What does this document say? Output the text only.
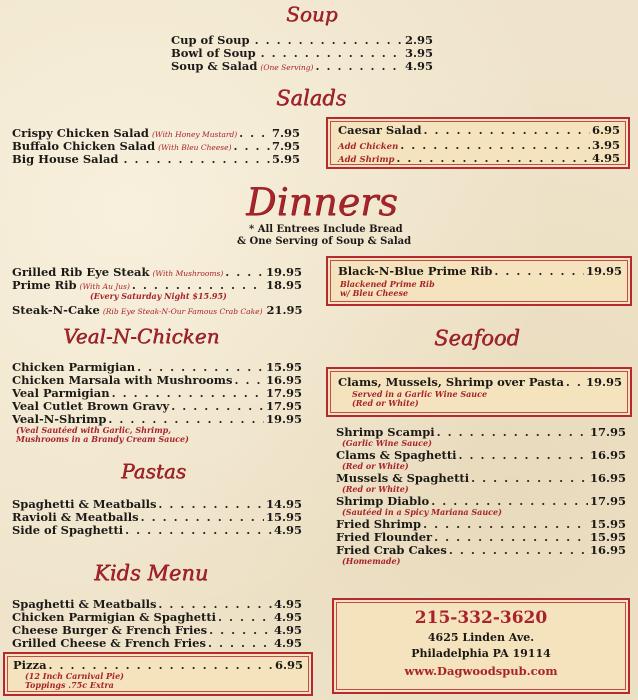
Soup
Cup of Soup . . .	2.95
Bowl of Soup . . .	3.95
Soup & Salad (One Serving) . . .	4.95
Salads
Crispy Chicken Salad (With Honey Mustard) . . .	7.95
Buffalo Chicken Salad (With Bleu Cheese) . . .	7.95
Big House Salad . . .	5.95
Caesar Salad . . .	6.95
Add Chicken . . .	3.95
Add Shrimp . . .	4.95
Dinners
* All Entrees Include Bread
& One Serving of Soup & Salad
Grilled Rib Eye Steak (With Mushrooms) . . .	19.95
Prime Rib (With Au Jus) . . .	18.95
(Every Saturday Night $15.95)
Steak-N-Cake (Rib Eye Steak-N-Our Famous Crab Cake) 21.95
Black-N-Blue Prime Rib . . .	19.95
Blackened Prime Rib
w/ Bleu Cheese
Veal-N-Chicken
Chicken Parmigian . . .	15.95
Chicken Marsala with Mushrooms . . .	16.95
Veal Parmigian . . .	17.95
Veal Cutlet Brown Gravy . . .	17.95
Veal-N-Shrimp . . .	19.95
(Veal Sautéed with Garlic, Shrimp,
Mushrooms in a Brandy Cream Sauce)
Pastas
Spaghetti & Meatballs . . .	14.95
Ravioli & Meatballs . . .	15.95
Side of Spaghetti . . .	4.95
Kids Menu
Spaghetti & Meatballs . . .	4.95
Chicken Parmigian & Spaghetti . . .	4.95
Cheese Burger & French Fries . . .	4.95
Grilled Cheese & French Fries . . .	4.95
Pizza . . .	6.95
(12 Inch Carnival Pie)
Toppings .75c Extra
Seafood
Clams, Mussels, Shrimp over Pasta . . . 19.95
Served in a Garlic Wine Sauce
(Red or White)
Shrimp Scampi . . .	17.95
(Garlic Wine Sauce)
Clams & Spaghetti . . .	16.95
(Red or White)
Mussels & Spaghetti . . .	16.95
(Red or White)
Shrimp Diablo . . .	17.95
(Sautéed in a Spicy Mariana Sauce)
Fried Shrimp . . .	15.95
Fried Flounder . . .	15.95
Fried Crab Cakes . . .	16.95
(Homemade)
215-332-3620
4625 Linden Ave.
Philadelphia PA 19114
www.Dagwoodspub.com
